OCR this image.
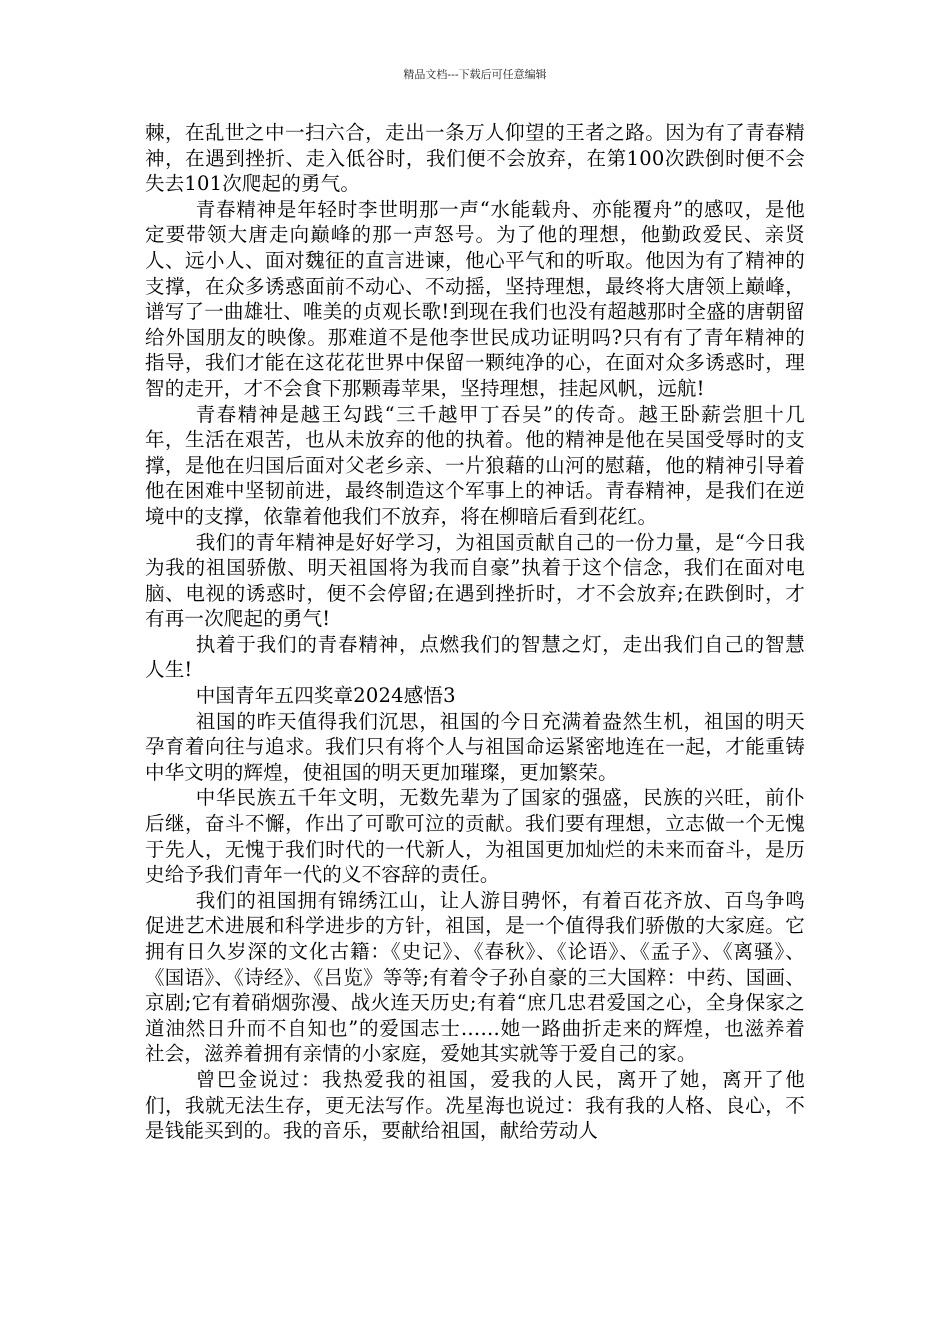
精品文档---下载后可任意编辑

棘，在乱世之中一扫六合，走出一条万人仰望的王者之路。因为有了青春精神，在遇到挫折、走入低谷时，我们便不会放弃，在第100次跌倒时便不会失去101次爬起的勇气。

青春精神是年轻时李世明那一声“水能载舟、亦能覆舟”的感叹，是他定要带领大唐走向巅峰的那一声怒号。为了他的理想，他勤政爱民、亲贤人、远小人、面对魏征的直言进谏，他心平气和的听取。他因为有了精神的支撑，在众多诱惑面前不动心、不动摇，坚持理想，最终将大唐领上巅峰，谱写了一曲雄壮、唯美的贞观长歌!到现在我们也没有超越那时全盛的唐朝留给外国朋友的映像。那难道不是他李世民成功证明吗?只有有了青年精神的指导，我们才能在这花花世界中保留一颗纯净的心，在面对众多诱惑时，理智的走开，才不会食下那颗毒苹果，坚持理想，挂起风帆，远航!

青春精神是越王勾践“三千越甲丁吞吴”的传奇。越王卧薪尝胆十几年，生活在艰苦，也从未放弃的他的执着。他的精神是他在吴国受辱时的支撑，是他在归国后面对父老乡亲、一片狼藉的山河的慰藉，他的精神引导着他在困难中坚韧前进，最终制造这个军事上的神话。青春精神，是我们在逆境中的支撑，依靠着他我们不放弃，将在柳暗后看到花红。

我们的青年精神是好好学习，为祖国贡献自己的一份力量，是“今日我为我的祖国骄傲、明天祖国将为我而自豪”执着于这个信念，我们在面对电脑、电视的诱惑时，便不会停留;在遇到挫折时，才不会放弃;在跌倒时，才有再一次爬起的勇气!

执着于我们的青春精神，点燃我们的智慧之灯，走出我们自己的智慧人生!

中国青年五四奖章2024感悟3

祖国的昨天值得我们沉思，祖国的今日充满着盎然生机，祖国的明天孕育着向往与追求。我们只有将个人与祖国命运紧密地连在一起，才能重铸中华文明的辉煌，使祖国的明天更加璀璨，更加繁荣。

中华民族五千年文明，无数先辈为了国家的强盛，民族的兴旺，前仆后继，奋斗不懈，作出了可歌可泣的贡献。我们要有理想，立志做一个无愧于先人，无愧于我们时代的一代新人，为祖国更加灿烂的未来而奋斗，是历史给予我们青年一代的义不容辞的责任。

我们的祖国拥有锦绣江山，让人游目骋怀，有着百花齐放、百鸟争鸣促进艺术进展和科学进步的方针，祖国，是一个值得我们骄傲的大家庭。它拥有日久岁深的文化古籍：《史记》、《春秋》、《论语》、《孟子》、《离骚》、《国语》、《诗经》、《吕览》等等;有着令子孙自豪的三大国粹：中药、国画、京剧;它有着硝烟弥漫、战火连天历史;有着“庶几忠君爱国之心，全身保家之道油然日升而不自知也”的爱国志士……她一路曲折走来的辉煌，也滋养着社会，滋养着拥有亲情的小家庭，爱她其实就等于爱自己的家。

曾巴金说过：我热爱我的祖国，爱我的人民，离开了她，离开了他们，我就无法生存，更无法写作。冼星海也说过：我有我的人格、良心，不是钱能买到的。我的音乐，要献给祖国，献给劳动人
